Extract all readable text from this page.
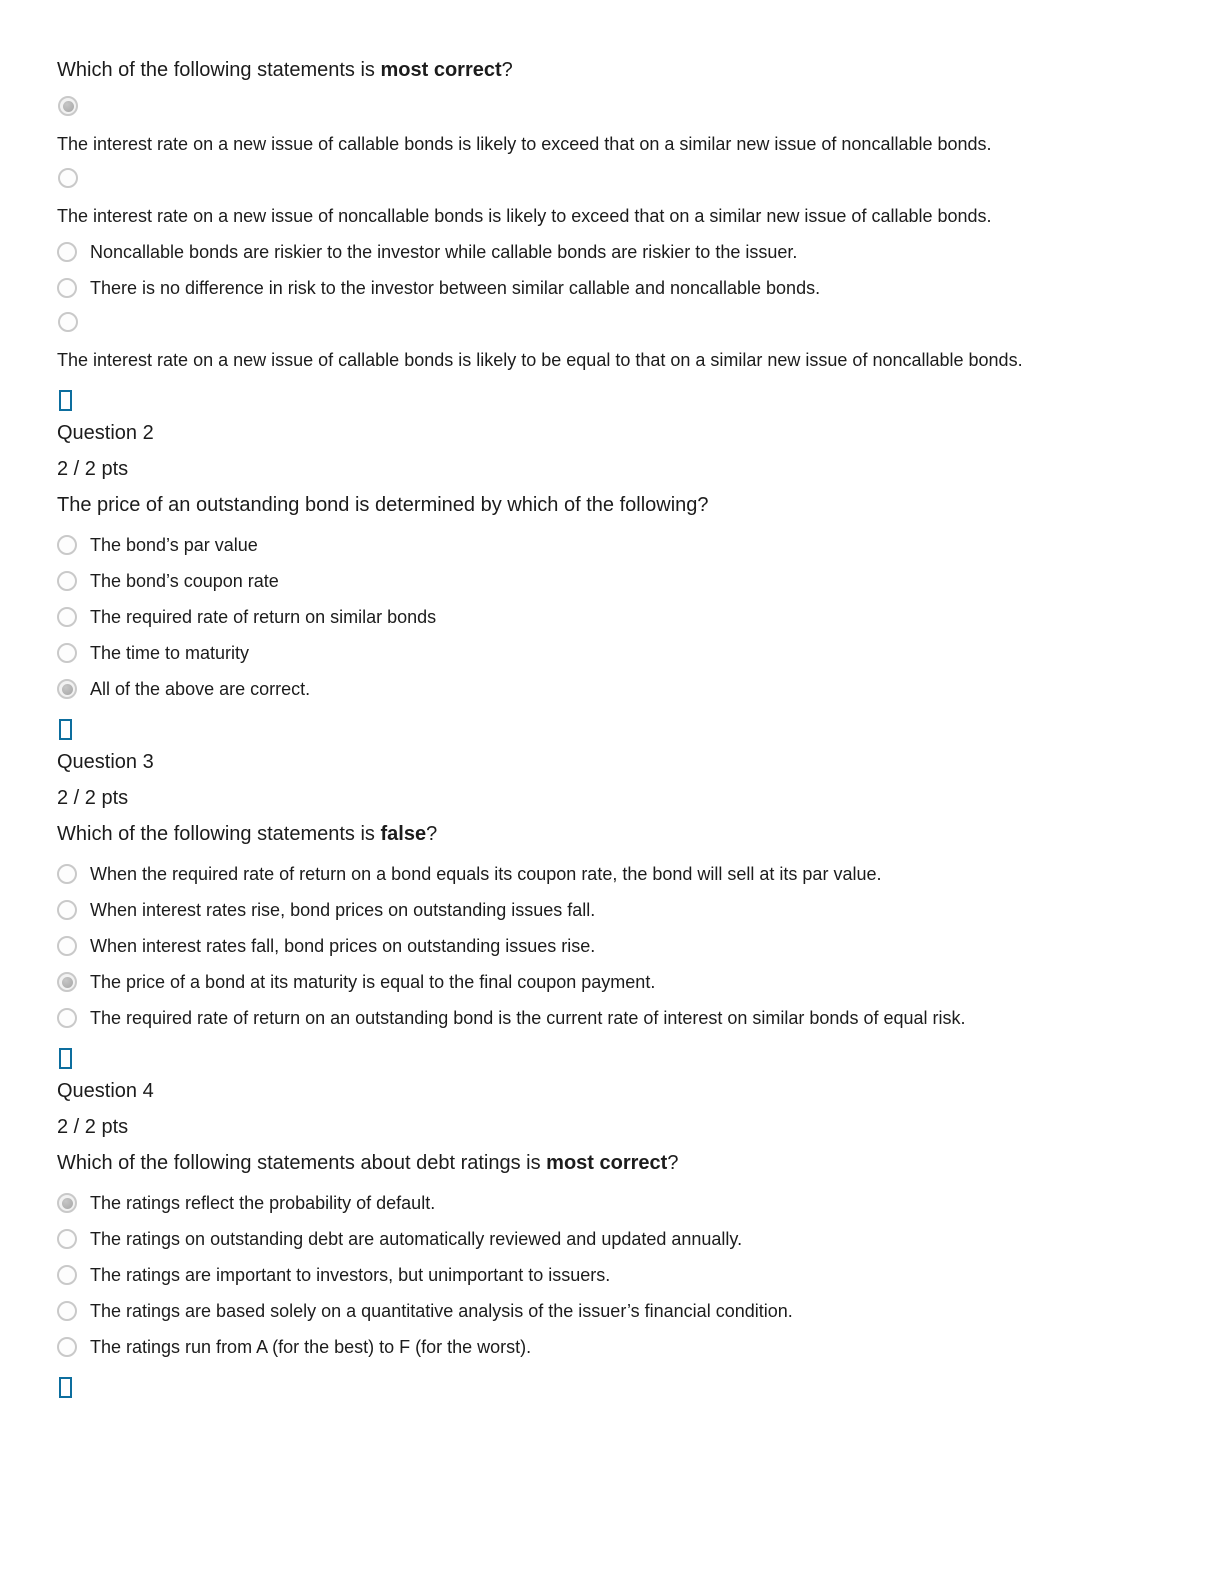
Which of the following statements is most correct?

The interest rate on a new issue of callable bonds is likely to exceed that on a similar new issue of noncallable bonds.
The interest rate on a new issue of noncallable bonds is likely to exceed that on a similar new issue of callable bonds.
Noncallable bonds are riskier to the investor while callable bonds are riskier to the issuer.
There is no difference in risk to the investor between similar callable and noncallable bonds.
The interest rate on a new issue of callable bonds is likely to be equal to that on a similar new issue of noncallable bonds.
Question 2
2 / 2 pts

The price of an outstanding bond is determined by which of the following?

The bond’s par value
The bond’s coupon rate
The required rate of return on similar bonds
The time to maturity
All of the above are correct.
Question 3
2 / 2 pts

Which of the following statements is false?

When the required rate of return on a bond equals its coupon rate, the bond will sell at its par value.
When interest rates rise, bond prices on outstanding issues fall.
When interest rates fall, bond prices on outstanding issues rise.
The price of a bond at its maturity is equal to the final coupon payment.
The required rate of return on an outstanding bond is the current rate of interest on similar bonds of equal risk.
Question 4
2 / 2 pts

Which of the following statements about debt ratings is most correct?

The ratings reflect the probability of default.
The ratings on outstanding debt are automatically reviewed and updated annually.
The ratings are important to investors, but unimportant to issuers.
The ratings are based solely on a quantitative analysis of the issuer’s financial condition.
The ratings run from A (for the best) to F (for the worst).
